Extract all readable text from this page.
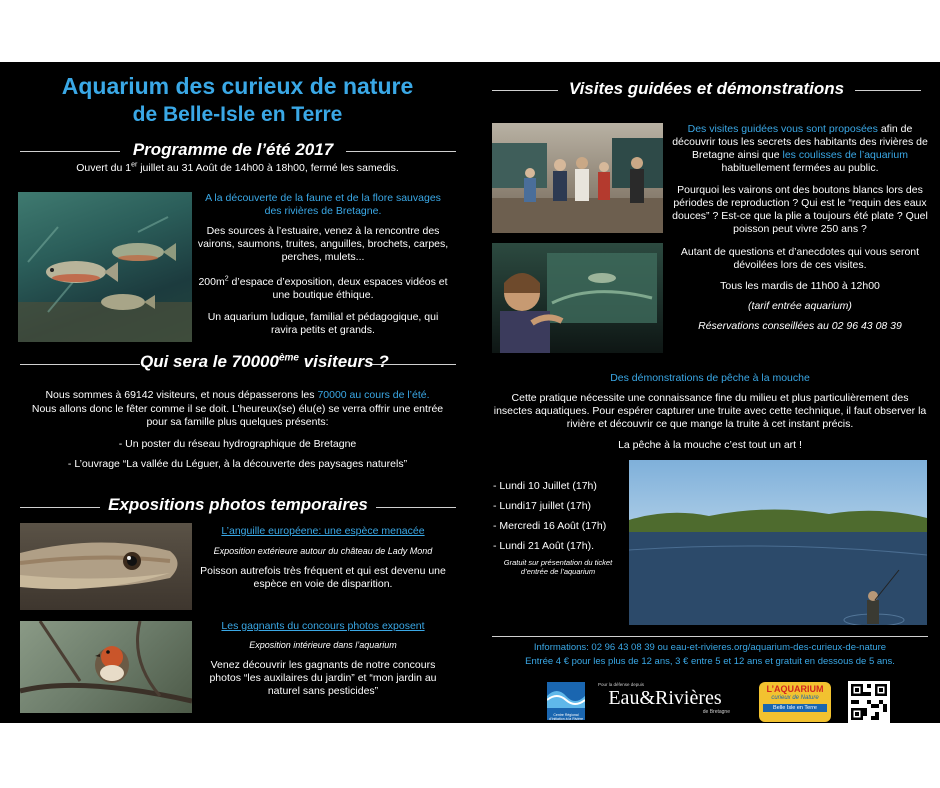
Aquarium des curieux de nature
de Belle-Isle en Terre
Programme de l’été 2017
Ouvert du 1er juillet au 31 Août de 14h00 à 18h00, fermé les samedis.
A la découverte de la faune et de la flore sauvages des rivières de Bretagne.
Des sources à l’estuaire, venez à la rencontre des vairons, saumons, truites, anguilles, brochets, carpes, perches, mulets...
$200m^2$ d’espace d’exposition, deux espaces vidéos et une boutique éthique.
Un aquarium ludique, familial et pédagogique, qui ravira petits et grands.
Qui sera le 70000ème visiteurs ?
Nous sommes à 69142 visiteurs, et nous dépasserons les 70000 au cours de l’été.
Nous allons donc le fêter comme il se doit. L’heureux(se) élu(e) se verra offrir une entrée pour sa famille plus quelques présents:
- Un poster du réseau hydrographique de Bretagne
- L’ouvrage “La vallée du Léguer, à la découverte des paysages naturels”
Expositions photos temporaires
L’anguille européene: une espèce menacée
Exposition extérieure autour du château de Lady Mond
Poisson autrefois très fréquent et qui est devenu une espèce en voie de disparition.
Les gagnants du concours photos exposent
Exposition intérieure dans l’aquarium
Venez découvrir les gagnants de notre concours photos “les auxilaires du jardin” et “mon jardin au naturel sans pesticides”
Visites guidées et démonstrations
Des visites guidées vous sont proposées afin de découvrir tous les secrets des habitants des rivières de Bretagne ainsi que les coulisses de l’aquarium habituellement fermées au public.
Pourquoi les vairons ont des boutons blancs lors des périodes de reproduction ? Qui est le “requin des eaux douces” ? Est-ce que la plie a toujours été plate ? Quel poisson peut vivre 250 ans ?
Autant de questions et d’anecdotes qui vous seront dévoilées lors de ces visites.
Tous les mardis de 11h00 à 12h00
(tarif entrée aquarium)
Réservations conseillées au 02 96 43 08 39
Des démonstrations de pêche à la mouche
Cette pratique nécessite une connaissance fine du milieu et plus particulièrement des insectes aquatiques. Pour espérer capturer une truite avec cette technique, il faut observer la rivière et découvrir ce que mange la truite à cet instant précis.
La pêche à la mouche c’est tout un art !
- Lundi 10 Juillet (17h)
- Lundi17 juillet (17h)
- Mercredi 16 Août (17h)
- Lundi 21 Août (17h).
Gratuit sur présentation du ticket d’entrée de l’aquarium
Informations: 02 96 43 08 39 ou eau-et-rivieres.org/aquarium-des-curieux-de-nature
Entrée 4 € pour les plus de 12 ans, 3 € entre 5 et 12 ans et gratuit en dessous de 5 ans.
Centre Régional d’Initiation à la Rivière
Pour la défense depuis
Eau&Rivières
de Bretagne
L’AQUARIUM
curieux de Nature
Belle Isle en Terre
